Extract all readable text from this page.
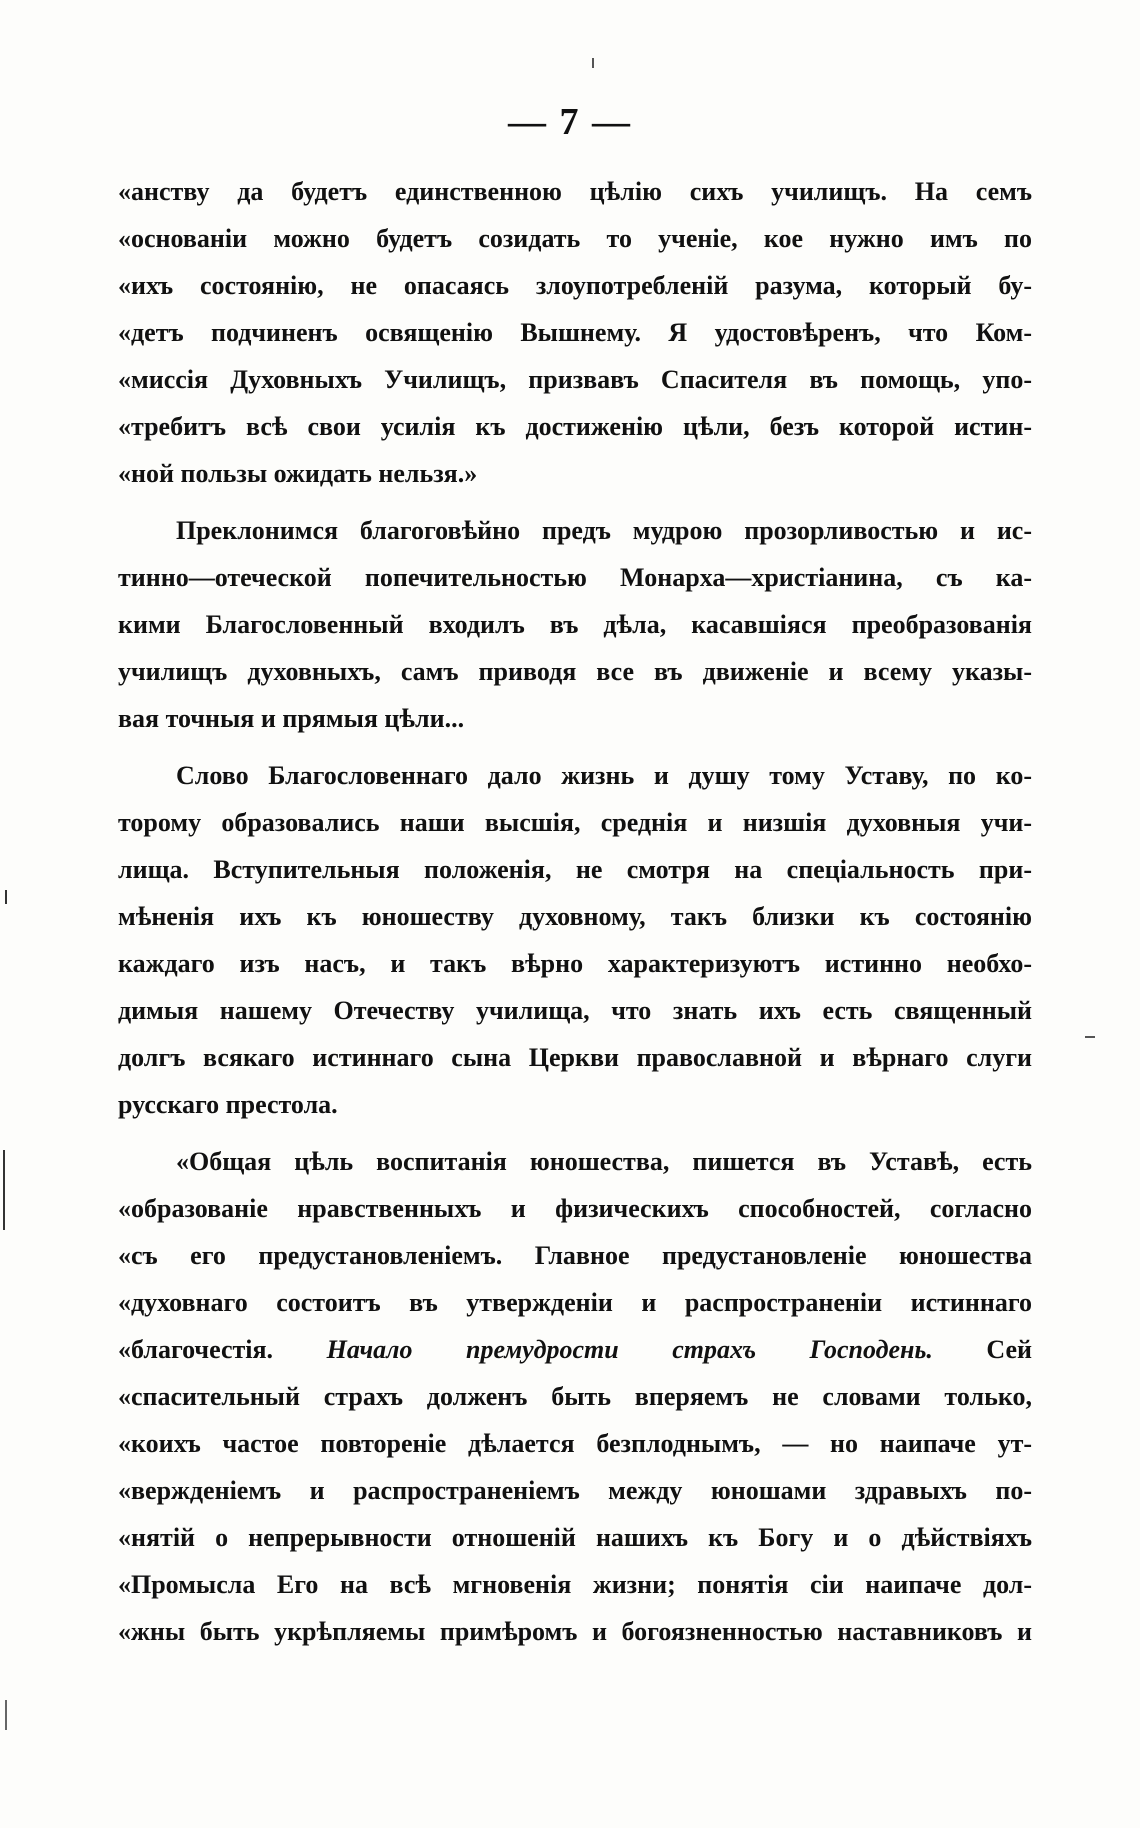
— 7 —
«анству да будетъ единственною цѣлію сихъ училищъ. На семъ
«основаніи можно будетъ созидать то ученіе, кое нужно имъ по
«ихъ состоянію, не опасаясь злоупотребленій разума, который бу-
«детъ подчиненъ освященію Вышнему. Я удостовѣренъ, что Ком-
«миссія Духовныхъ Училищъ, призвавъ Спасителя въ помощь, упо-
«требитъ всѣ свои усилія къ достиженію цѣли, безъ которой истин-
«ной пользы ожидать нельзя.»
Преклонимся благоговѣйно предъ мудрою прозорливостью и ис-
тинно—отеческой попечительностью Монарха—христіанина, съ ка-
кими Благословенный входилъ въ дѣла, касавшіяся преобразованія
училищъ духовныхъ, самъ приводя все въ движеніе и всему указы-
вая точныя и прямыя цѣли...
Слово Благословеннаго дало жизнь и душу тому Уставу, по ко-
торому образовались наши высшія, среднія и низшія духовныя учи-
лища. Вступительныя положенія, не смотря на спеціальность при-
мѣненія ихъ къ юношеству духовному, такъ близки къ состоянію
каждаго изъ насъ, и такъ вѣрно характеризуютъ истинно необхо-
димыя нашему Отечеству училища, что знать ихъ есть священный
долгъ всякаго истиннаго сына Церкви православной и вѣрнаго слуги
русскаго престола.
«Общая цѣль воспитанія юношества, пишется въ Уставѣ, есть
«образованіе нравственныхъ и физическихъ способностей, согласно
«съ его предустановленіемъ. Главное предустановленіе юношества
«духовнаго состоитъ въ утвержденіи и распространеніи истиннаго
«благочестія. Начало премудрости страхъ Господень. Сей
«спасительный страхъ долженъ быть вперяемъ не словами только,
«коихъ частое повтореніе дѣлается безплоднымъ, — но наипаче ут-
«вержденіемъ и распространеніемъ между юношами здравыхъ по-
«нятій о непрерывности отношеній нашихъ къ Богу и о дѣйствіяхъ
«Промысла Его на всѣ мгновенія жизни; понятія сіи наипаче дол-
«жны быть укрѣпляемы примѣромъ и богоязненностью наставниковъ и
